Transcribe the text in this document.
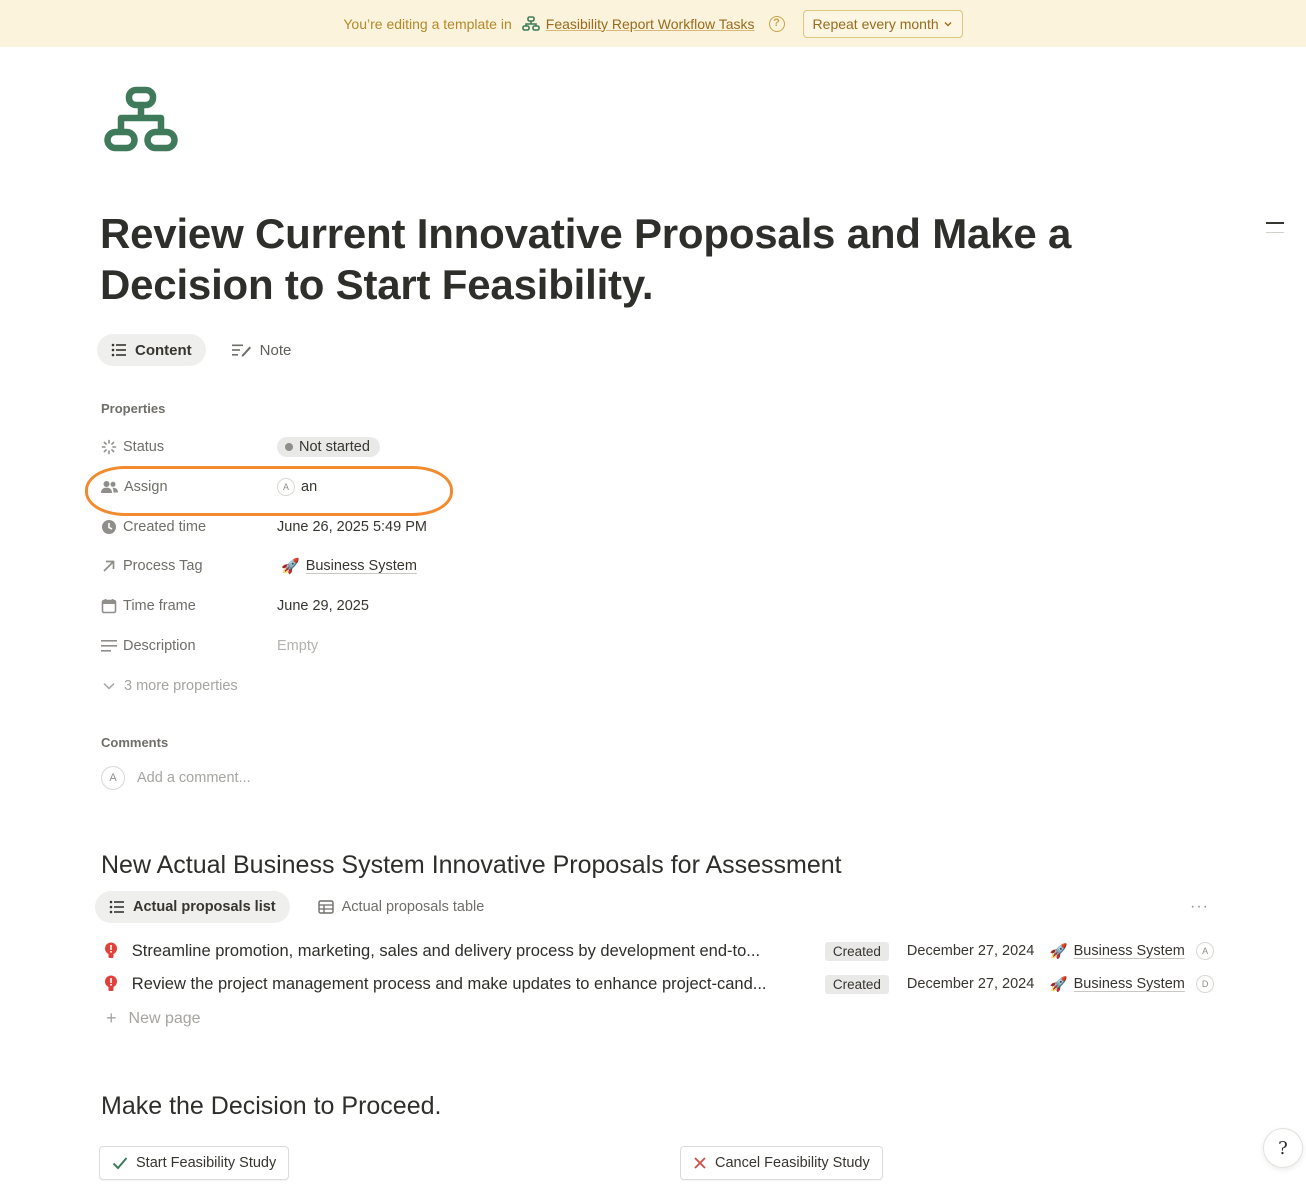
You’re editing a template in Feasibility Report Workflow Tasks	?	Repeat every month
Review Current Innovative Proposals and Make a Decision to Start Feasibility.
Content	Note
Properties
Status	Not started
Assign	A an
Created time	June 26, 2025 5:49 PM
Process Tag	🚀 Business System
Time frame	June 29, 2025
Description	Empty
3 more properties
Comments
A	Add a comment...
New Actual Business System Innovative Proposals for Assessment
Actual proposals list	Actual proposals table	···
Streamline promotion, marketing, sales and delivery process by development end-to...	Created	December 27, 2024 🚀 Business System	A
Review the project management process and make updates to enhance project-cand...	Created	December 27, 2024 🚀 Business System	D
+ New page
Make the Decision to Proceed.
Start Feasibility Study	Cancel Feasibility Study
?
